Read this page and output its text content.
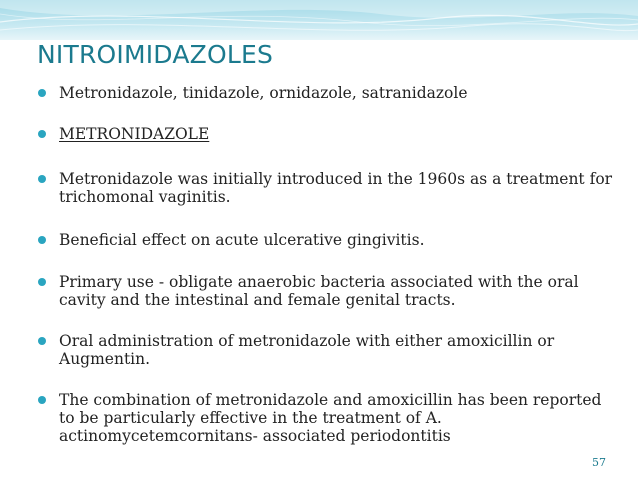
NITROIMIDAZOLES
Metronidazole, tinidazole, ornidazole, satranidazole
METRONIDAZOLE
Metronidazole was initially introduced in the 1960s as a treatment for trichomonal vaginitis.
Beneficial effect on acute ulcerative gingivitis.
Primary use - obligate anaerobic bacteria associated with the oral cavity and the intestinal and female genital tracts.
Oral administration of metronidazole with either amoxicillin or Augmentin.
The combination of metronidazole and amoxicillin has been reported to be particularly effective in the treatment of A. actinomycetemcornitans- associated periodontitis
57
